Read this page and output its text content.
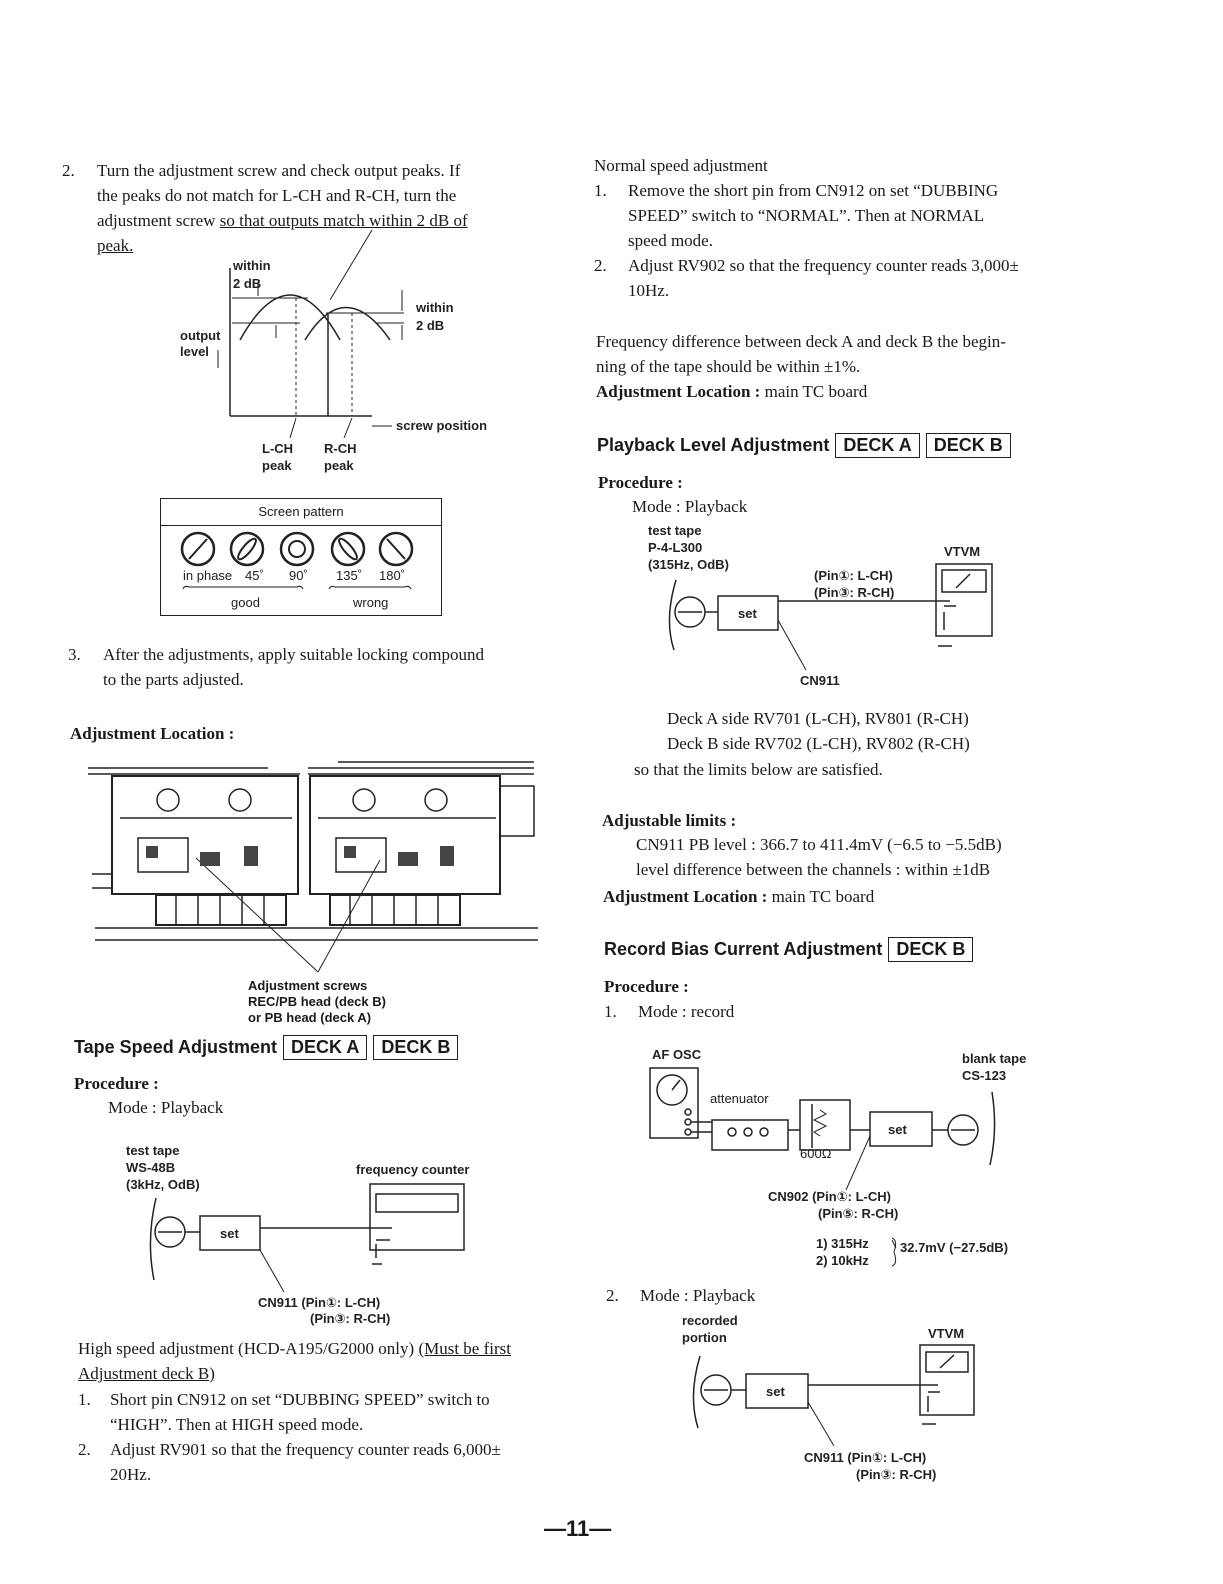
2. Turn the adjustment screw and check output peaks. If
the peaks do not match for L-CH and R-CH, turn the
adjustment screw so that outputs match within 2 dB of
peak.
within
2 dB
within
2 dB
output
level
screw position
L-CH
peak
R-CH
peak
Screen pattern
in phase 45˚ 90˚ 135˚ 180˚
good	wrong
3. After the adjustments, apply suitable locking compound
to the parts adjusted.
Adjustment Location :
Adjustment screws
REC/PB head (deck B)
or PB head (deck A)
Tape Speed Adjustment DECK A DECK B
Procedure :
Mode : Playback
test tape
WS-48B
(3kHz, OdB)
frequency counter
set
CN911 (Pin①: L-CH)
(Pin③: R-CH)
High speed adjustment (HCD-A195/G2000 only) (Must be first
Adjustment deck B)
1. Short pin CN912 on set “DUBBING SPEED” switch to
“HIGH”. Then at HIGH speed mode.
2. Adjust RV901 so that the frequency counter reads 6,000±
20Hz.
Normal speed adjustment
1. Remove the short pin from CN912 on set “DUBBING
SPEED” switch to “NORMAL”. Then at NORMAL
speed mode.
2. Adjust RV902 so that the frequency counter reads 3,000±
10Hz.
Frequency difference between deck A and deck B the begin-
ning of the tape should be within ±1%.
Adjustment Location : main TC board
Playback Level Adjustment DECK A DECK B
Procedure :
Mode : Playback
test tape
P-4-L300
(315Hz, OdB)
VTVM
(Pin①: L-CH)
(Pin③: R-CH)
set
CN911
Deck A side RV701 (L-CH), RV801 (R-CH)
Deck B side RV702 (L-CH), RV802 (R-CH)
so that the limits below are satisfied.
Adjustable limits :
CN911 PB level : 366.7 to 411.4mV (−6.5 to −5.5dB)
level difference between the channels : within ±1dB
Adjustment Location : main TC board
Record Bias Current Adjustment DECK B
Procedure :
1. Mode : record
AF OSC
attenuator
600Ω
blank tape
CS-123
set
CN902 (Pin①: L-CH)
(Pin⑤: R-CH)
1) 315Hz
2) 10kHz
32.7mV (−27.5dB)
2. Mode : Playback
recorded
portion	VTVM
set
CN911 (Pin①: L-CH)
(Pin③: R-CH)
—11—
